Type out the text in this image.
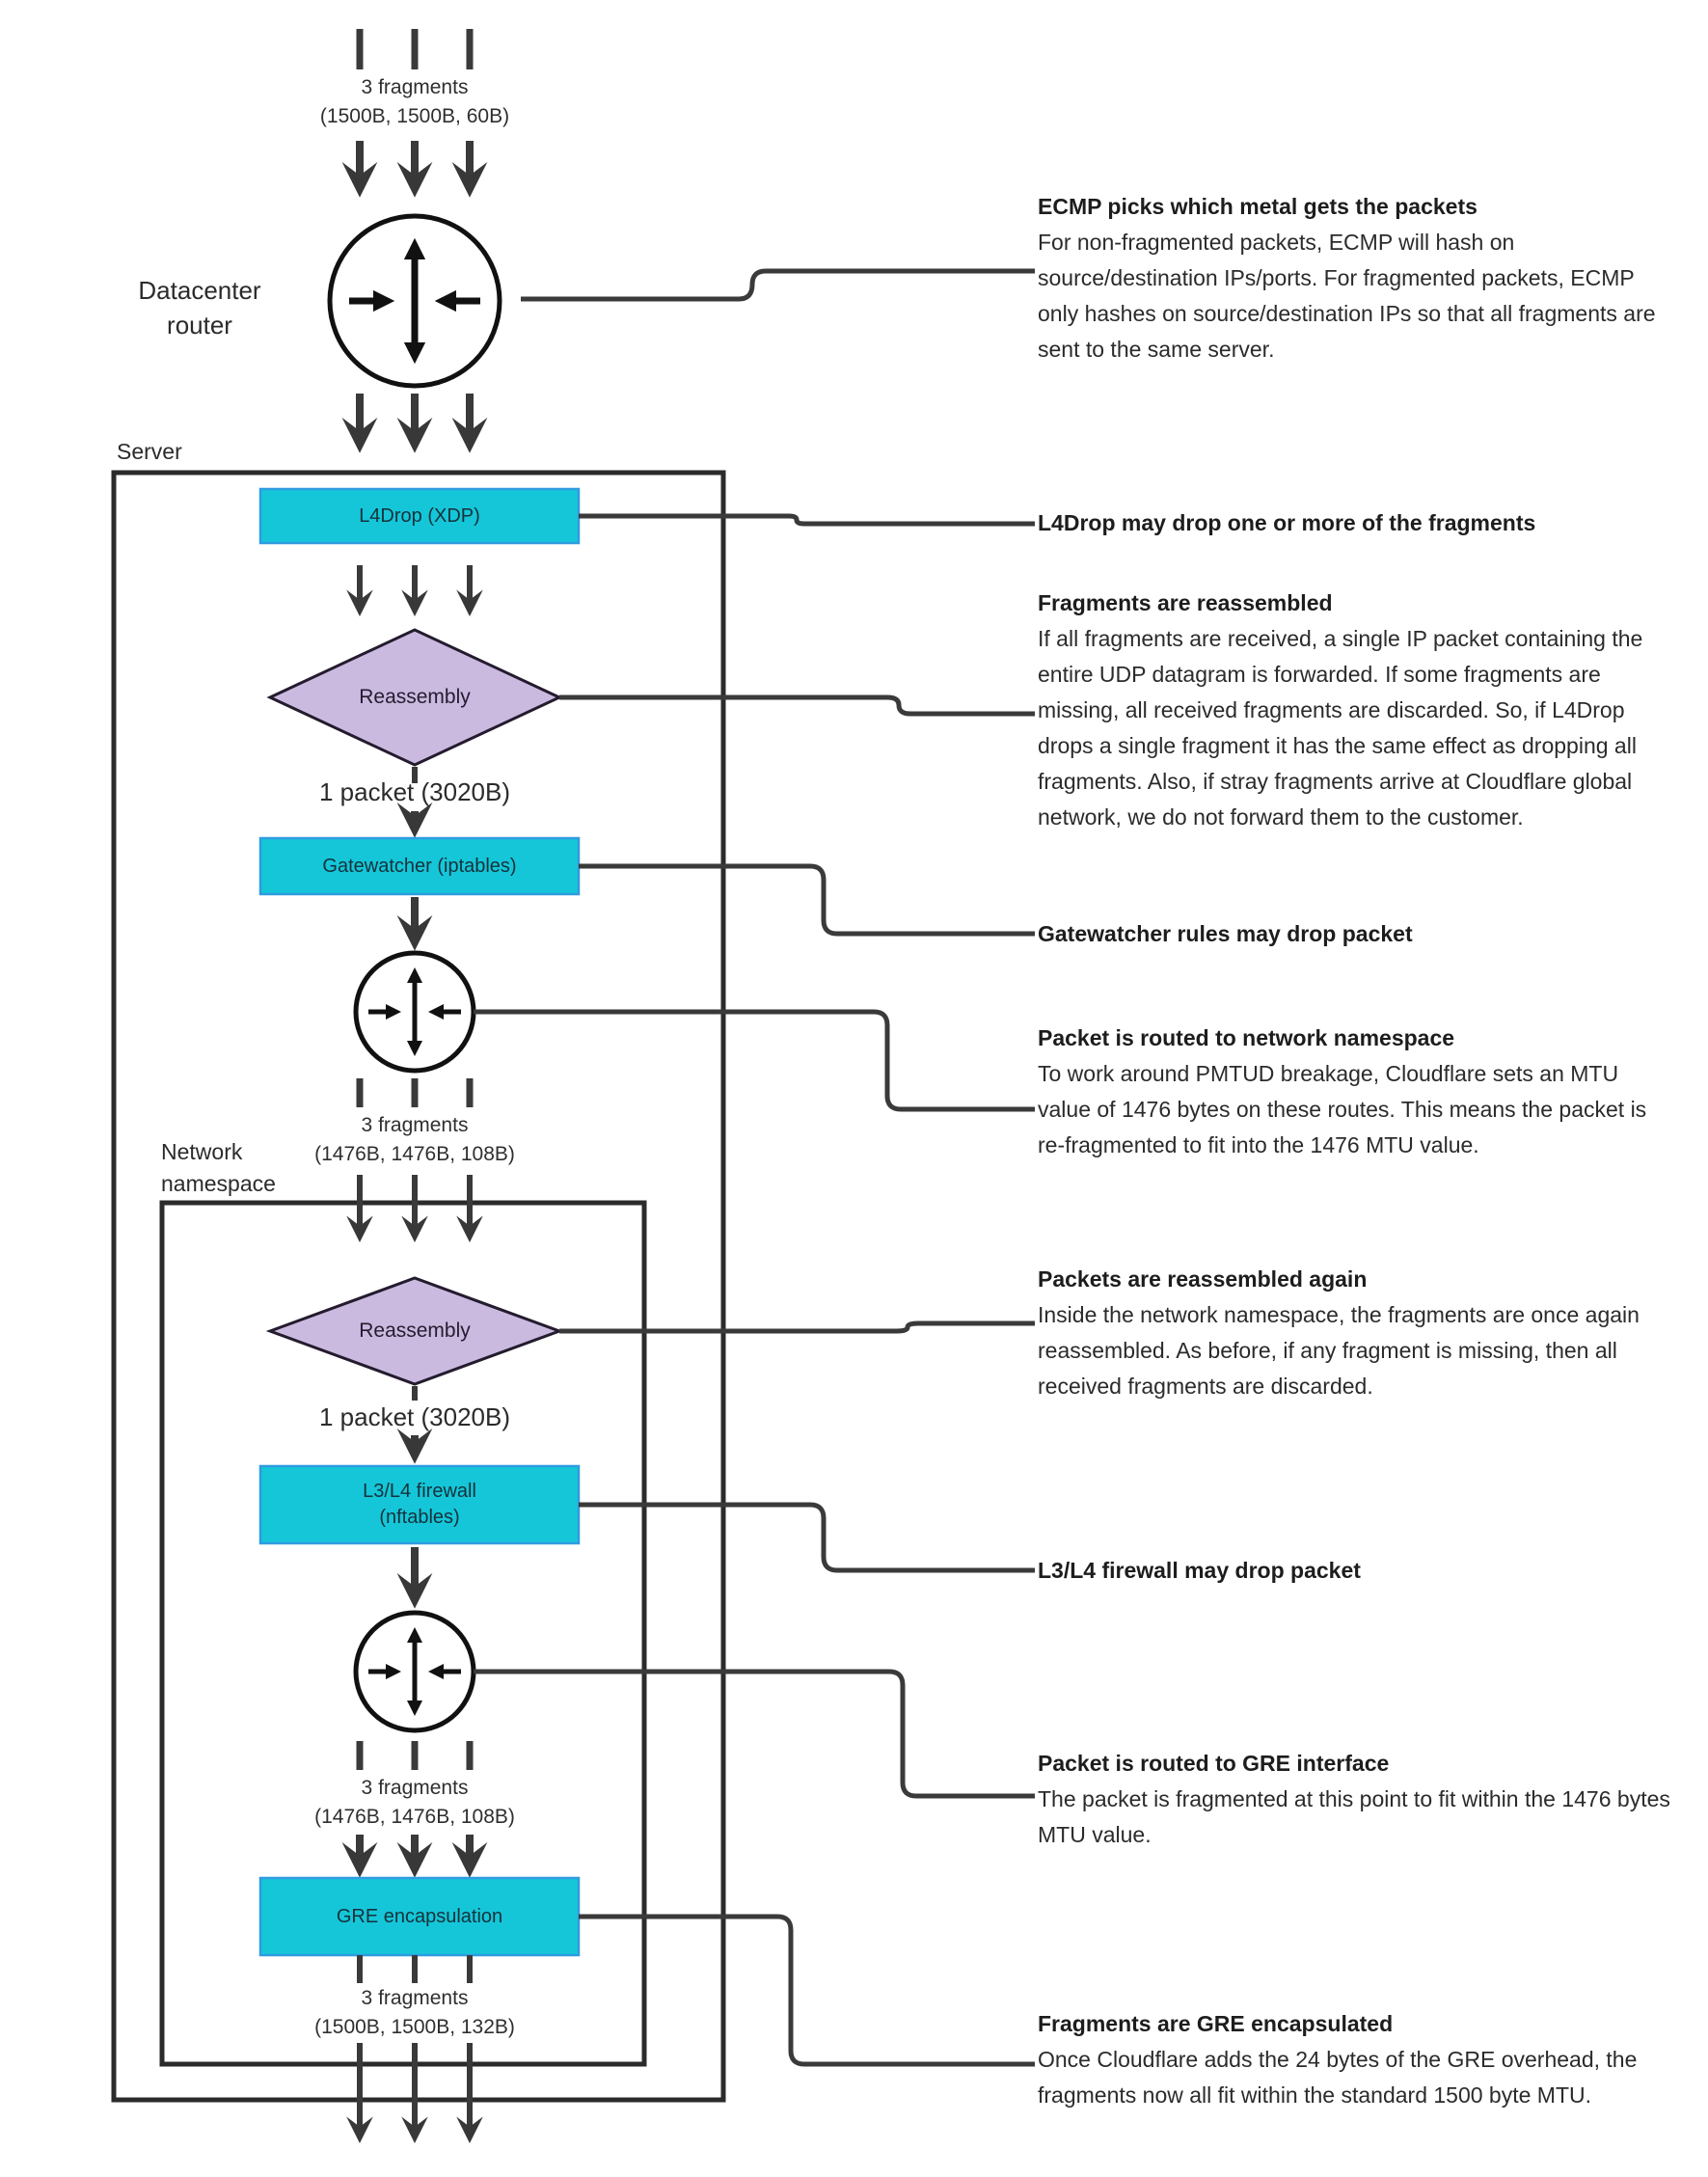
3 fragments
(1500B, 1500B, 60B)
Datacenter router
Server
L4Drop (XDP)
Reassembly
1 packet (3020B)
Gatewatcher (iptables)
3 fragments
(1476B, 1476B, 108B)
Network namespace
Reassembly
1 packet (3020B)
L3/L4 firewall
(nftables)
3 fragments
(1476B, 1476B, 108B)
GRE encapsulation
3 fragments
(1500B, 1500B, 132B)
ECMP picks which metal gets the packets

For non-fragmented packets, ECMP will hash on source/destination IPs/ports. For fragmented packets, ECMP only hashes on source/destination IPs so that all fragments are sent to the same server.

L4Drop may drop one or more of the fragments
Fragments are reassembled

If all fragments are received, a single IP packet containing the entire UDP datagram is forwarded. If some fragments are missing, all received fragments are discarded. So, if L4Drop drops a single fragment it has the same effect as dropping all fragments. Also, if stray fragments arrive at Cloudflare global network, we do not forward them to the customer.

Gatewatcher rules may drop packet
Packet is routed to network namespace

To work around PMTUD breakage, Cloudflare sets an MTU value of 1476 bytes on these routes. This means the packet is re-fragmented to fit into the 1476 MTU value.

Packets are reassembled again

Inside the network namespace, the fragments are once again reassembled. As before, if any fragment is missing, then all received fragments are discarded.

L3/L4 firewall may drop packet
Packet is routed to GRE interface

The packet is fragmented at this point to fit within the 1476 bytes MTU value.

Fragments are GRE encapsulated

Once Cloudflare adds the 24 bytes of the GRE overhead, the fragments now all fit within the standard 1500 byte MTU.
